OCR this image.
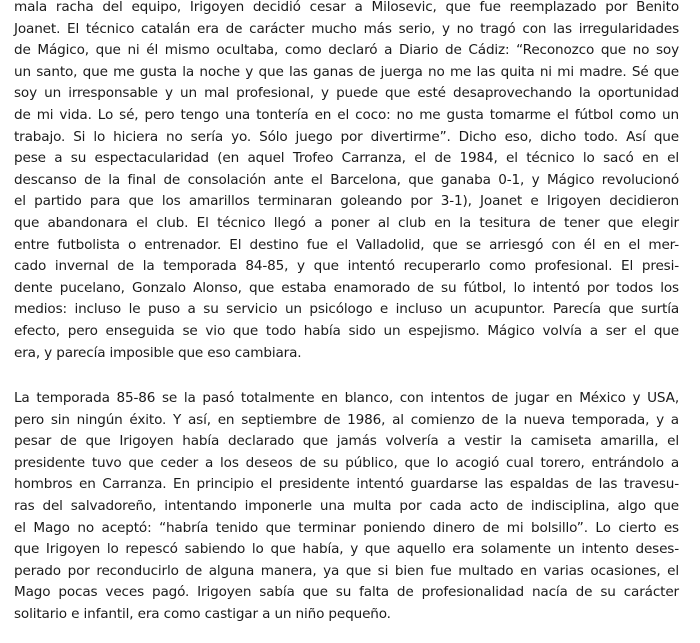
mala racha del equipo, Irigoyen decidió cesar a Milosevic, que fue reemplazado por Benito
Joanet. El técnico catalán era de carácter mucho más serio, y no tragó con las irregularidades
de Mágico, que ni él mismo ocultaba, como declaró a Diario de Cádiz: “Reconozco que no soy
un santo, que me gusta la noche y que las ganas de juerga no me las quita ni mi madre. Sé que
soy un irresponsable y un mal profesional, y puede que esté desaprovechando la oportunidad
de mi vida. Lo sé, pero tengo una tontería en el coco: no me gusta tomarme el fútbol como un
trabajo. Si lo hiciera no sería yo. Sólo juego por divertirme”. Dicho eso, dicho todo. Así que
pese a su espectacularidad (en aquel Trofeo Carranza, el de 1984, el técnico lo sacó en el
descanso de la final de consolación ante el Barcelona, que ganaba 0-1, y Mágico revolucionó
el partido para que los amarillos terminaran goleando por 3-1), Joanet e Irigoyen decidieron
que abandonara el club. El técnico llegó a poner al club en la tesitura de tener que elegir
entre futbolista o entrenador. El destino fue el Valladolid, que se arriesgó con él en el mer-
cado invernal de la temporada 84-85, y que intentó recuperarlo como profesional. El presi-
dente pucelano, Gonzalo Alonso, que estaba enamorado de su fútbol, lo intentó por todos los
medios: incluso le puso a su servicio un psicólogo e incluso un acupuntor. Parecía que surtía
efecto, pero enseguida se vio que todo había sido un espejismo. Mágico volvía a ser el que
era, y parecía imposible que eso cambiara.
La temporada 85-86 se la pasó totalmente en blanco, con intentos de jugar en México y USA,
pero sin ningún éxito. Y así, en septiembre de 1986, al comienzo de la nueva temporada, y a
pesar de que Irigoyen había declarado que jamás volvería a vestir la camiseta amarilla, el
presidente tuvo que ceder a los deseos de su público, que lo acogió cual torero, entrándolo a
hombros en Carranza. En principio el presidente intentó guardarse las espaldas de las travesu-
ras del salvadoreño, intentando imponerle una multa por cada acto de indisciplina, algo que
el Mago no aceptó: “habría tenido que terminar poniendo dinero de mi bolsillo”. Lo cierto es
que Irigoyen lo repescó sabiendo lo que había, y que aquello era solamente un intento deses-
perado por reconducirlo de alguna manera, ya que si bien fue multado en varias ocasiones, el
Mago pocas veces pagó. Irigoyen sabía que su falta de profesionalidad nacía de su carácter
solitario e infantil, era como castigar a un niño pequeño.
